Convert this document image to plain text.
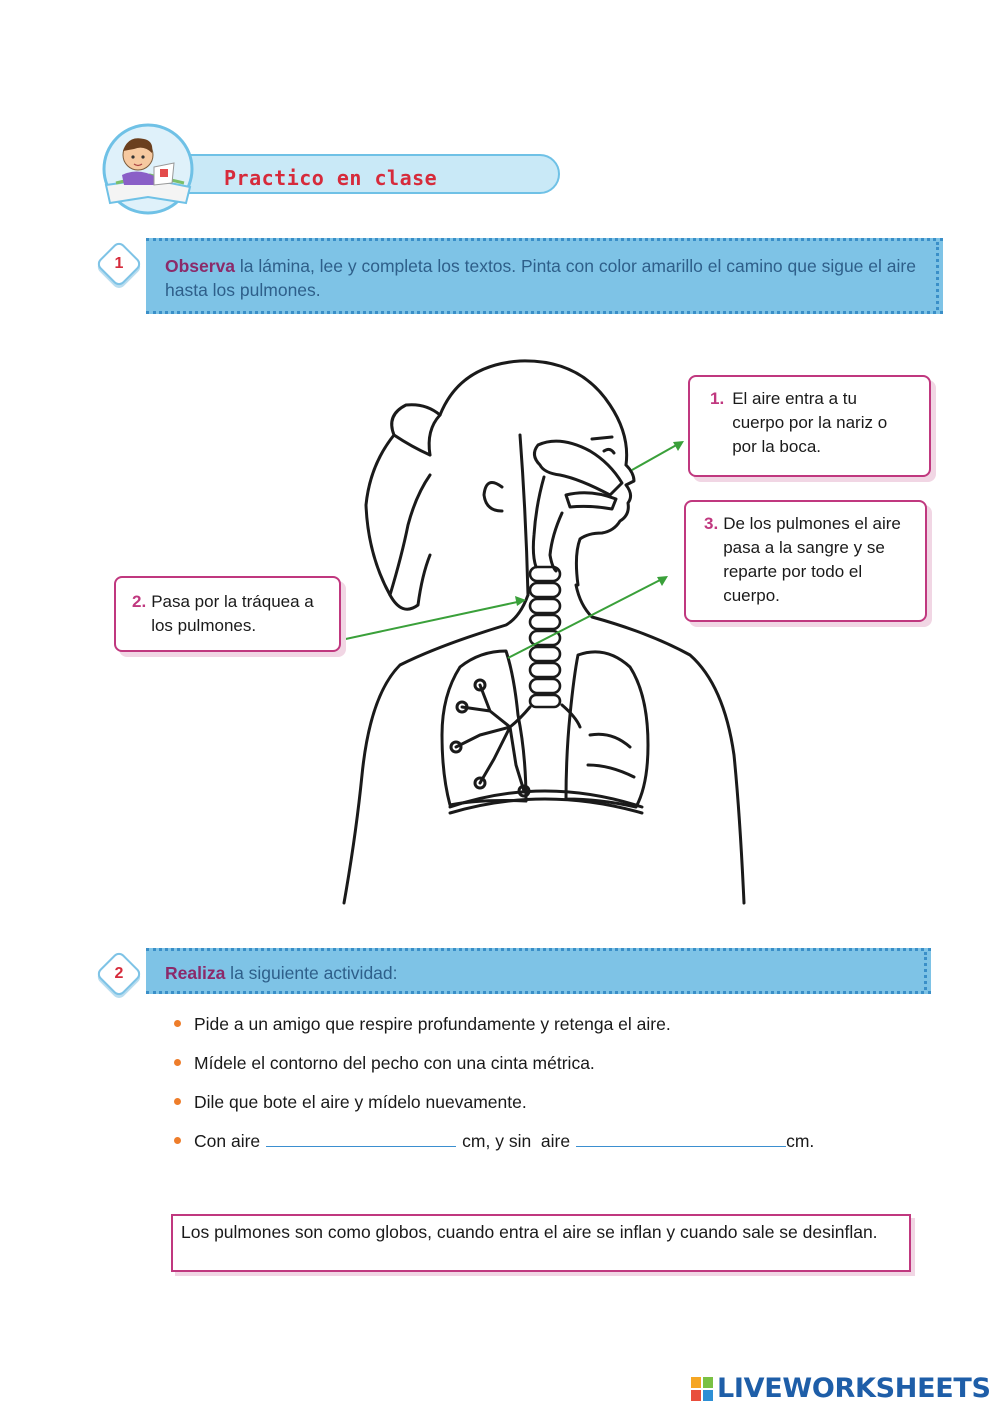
Practico en clase
1	Observa la lámina, lee y completa los textos. Pinta con color amarillo el camino que sigue el aire hasta los pulmones.
1. El aire entra a tu cuerpo por la nariz o por la boca.
2. Pasa por la tráquea a los pulmones.
3. De los pulmones el aire pasa a la sangre y se reparte por todo el cuerpo.
2	Realiza la siguiente actividad:
Pide a un amigo que respire profundamente y retenga el aire.
Mídele el contorno del pecho con una cinta métrica.
Dile que bote el aire y mídelo nuevamente.
Con aire	cm, y sin  aire	cm.
Los pulmones son como globos, cuando entra el aire se inflan y cuando sale se desinflan.
LIVEWORKSHEETS
